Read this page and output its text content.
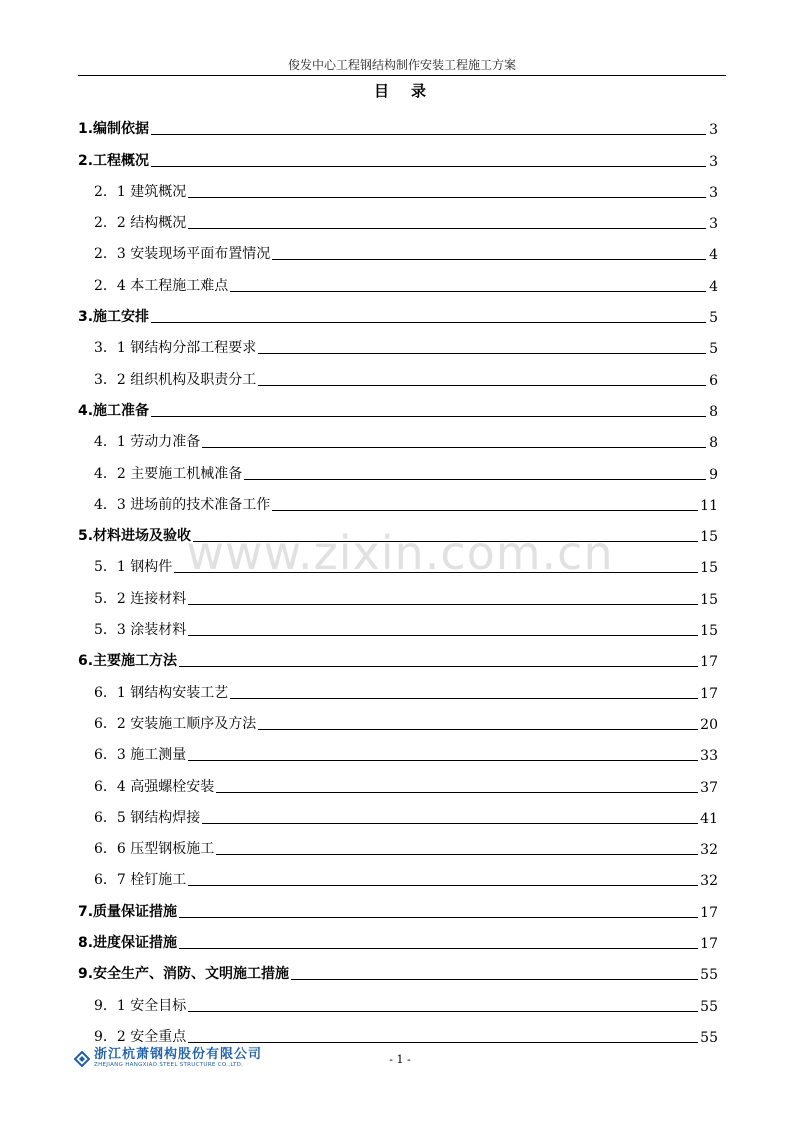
俊发中心工程钢结构制作安装工程施工方案
目录
www.zixin.com.cn
1.编制依据	3
2.工程概况	3
2．1 建筑概况	3
2．2 结构概况	3
2．3 安装现场平面布置情况	4
2．4 本工程施工难点	4
3.施工安排	5
3．1 钢结构分部工程要求	5
3．2 组织机构及职责分工	6
4.施工准备	8
4．1 劳动力准备	8
4．2 主要施工机械准备	9
4．3 进场前的技术准备工作	11
5.材料进场及验收	15
5．1 钢构件	15
5．2 连接材料	15
5．3 涂装材料	15
6.主要施工方法	17
6．1 钢结构安装工艺	17
6．2 安装施工顺序及方法	20
6．3 施工测量	33
6．4 高强螺栓安装	37
6．5 钢结构焊接	41
6．6 压型钢板施工	32
6．7 栓钉施工	32
7.质量保证措施	17
8.进度保证措施	17
9.安全生产、消防、文明施工措施	55
9．1 安全目标	55
9．2 安全重点	55
浙江杭萧钢构股份有限公司
ZHEJIANG HANGXIAO STEEL STRUCTURE CO.,LTD.	- 1 -
